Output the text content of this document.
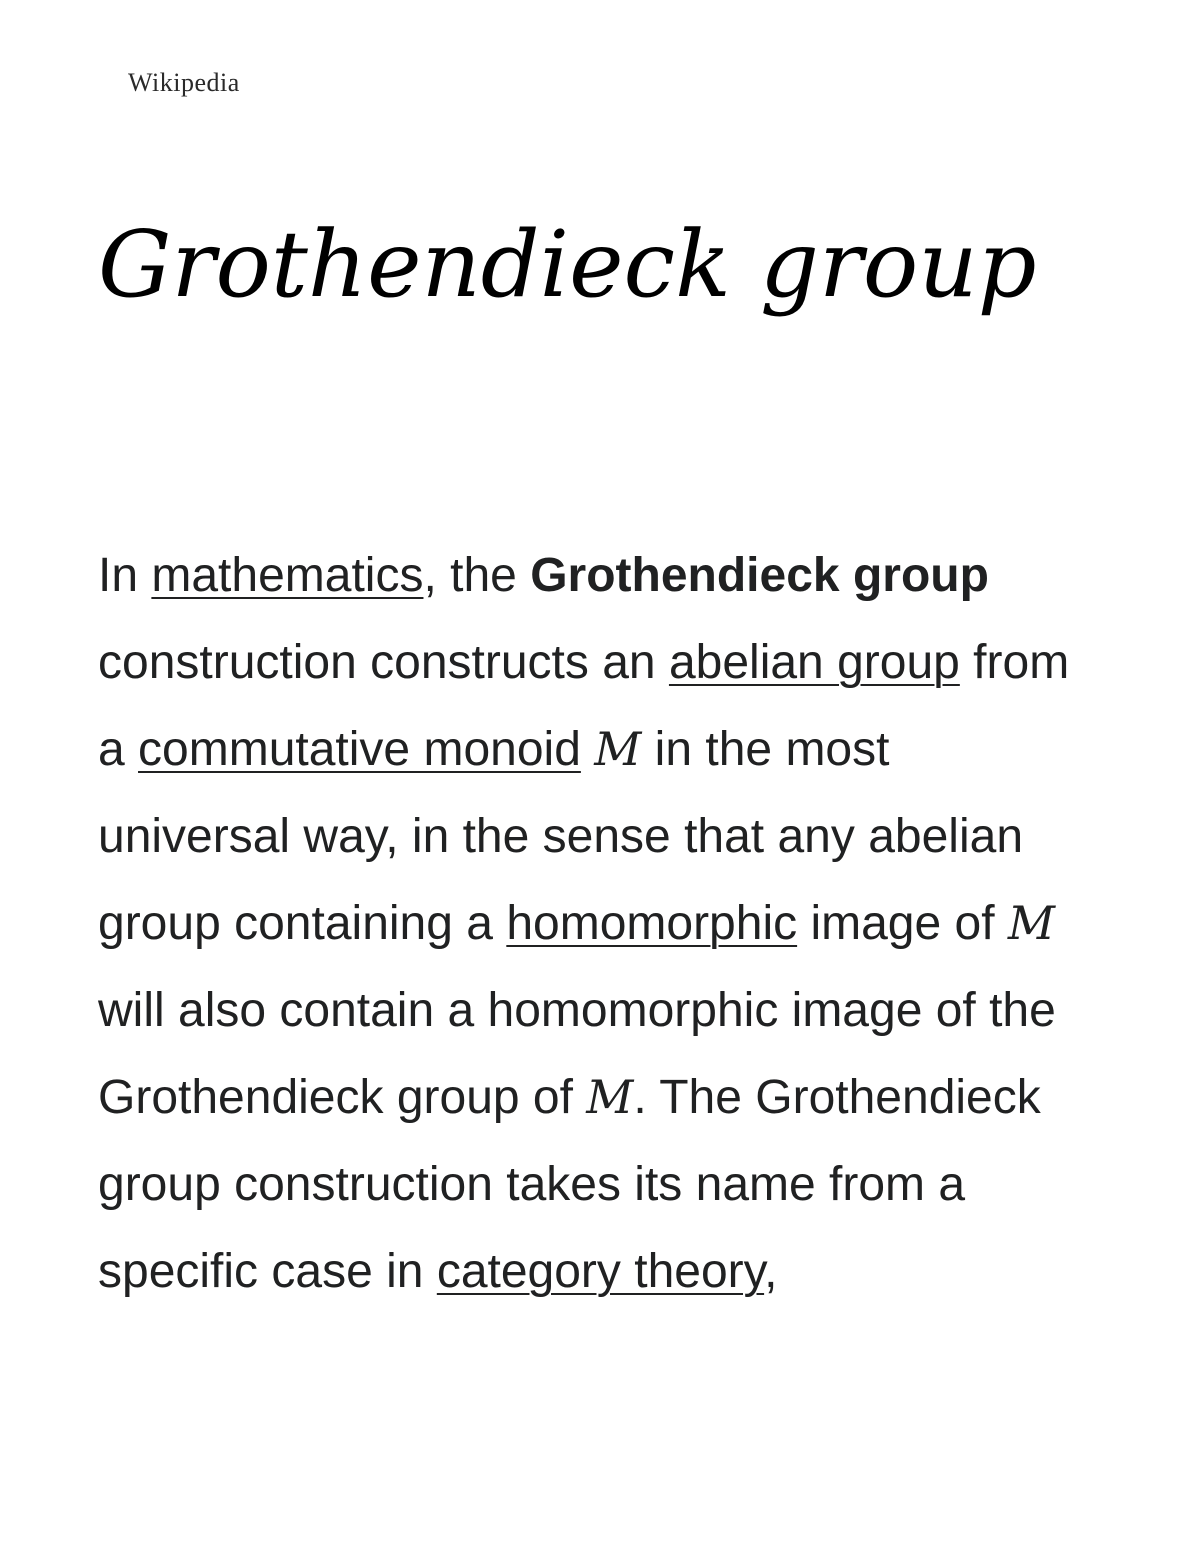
Wikipedia
Grothendieck group

In mathematics, the Grothendieck group construction constructs an abelian group from a commutative monoid M in the most universal way, in the sense that any abelian group containing a homomorphic image of M will also contain a homomorphic image of the Grothendieck group of M. The Grothendieck group construction takes its name from a specific case in category theory,
